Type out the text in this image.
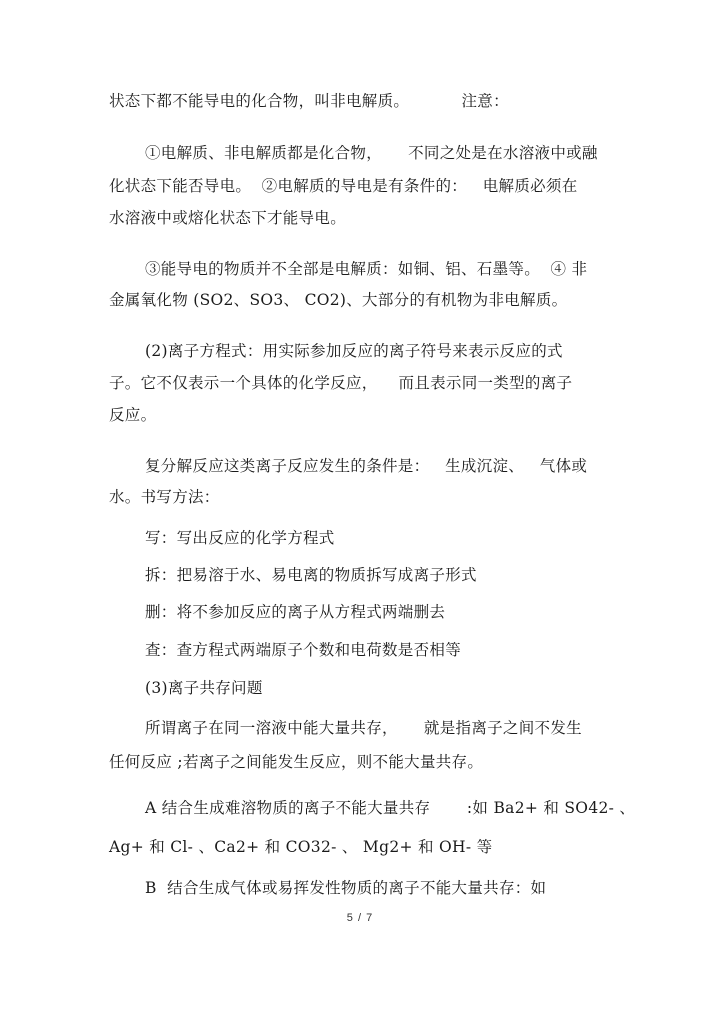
状态下都不能导电的化合物，叫非电解质。          注意：
①电解质、非电解质都是化合物，     不同之处是在水溶液中或融
化状态下能否导电。  ②电解质的导电是有条件的：   电解质必须在
水溶液中或熔化状态下才能导电。
③能导电的物质并不全部是电解质：如铜、铝、石墨等。  ④ 非
金属氧化物 (SO2、SO3、 CO2)、大部分的有机物为非电解质。
(2)离子方程式：用实际参加反应的离子符号来表示反应的式
子。它不仅表示一个具体的化学反应，    而且表示同一类型的离子
反应。
复分解反应这类离子反应发生的条件是：   生成沉淀、   气体或
水。书写方法：
写：写出反应的化学方程式
拆：把易溶于水、易电离的物质拆写成离子形式
删：将不参加反应的离子从方程式两端删去
查：查方程式两端原子个数和电荷数是否相等
(3)离子共存问题
所谓离子在同一溶液中能大量共存，     就是指离子之间不发生
任何反应 ;若离子之间能发生反应，则不能大量共存。
A 结合生成难溶物质的离子不能大量共存       :如 Ba2+ 和 SO42- 、
Ag+ 和 Cl- 、Ca2+ 和 CO32- 、 Mg2+ 和 OH- 等
B  结合生成气体或易挥发性物质的离子不能大量共存：如
5 / 7
